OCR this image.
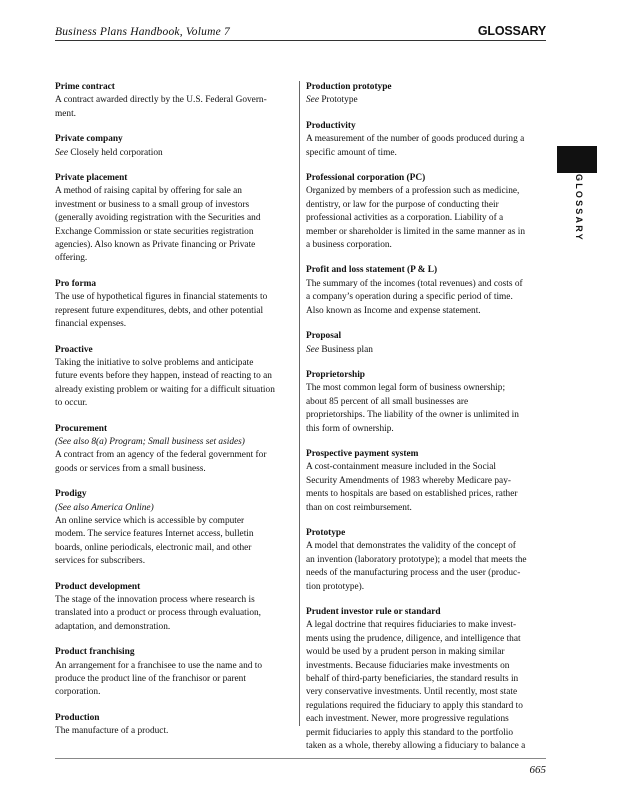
Business Plans Handbook, Volume 7	GLOSSARY
GLOSSARY
Prime contract
A contract awarded directly by the U.S. Federal Govern-
ment.
Private company
See Closely held corporation
Private placement
A method of raising capital by offering for sale an
investment or business to a small group of investors
(generally avoiding registration with the Securities and
Exchange Commission or state securities registration
agencies). Also known as Private financing or Private
offering.
Pro forma
The use of hypothetical figures in financial statements to
represent future expenditures, debts, and other potential
financial expenses.
Proactive
Taking the initiative to solve problems and anticipate
future events before they happen, instead of reacting to an
already existing problem or waiting for a difficult situation
to occur.
Procurement
(See also 8(a) Program; Small business set asides)
A contract from an agency of the federal government for
goods or services from a small business.
Prodigy
(See also America Online)
An online service which is accessible by computer
modem. The service features Internet access, bulletin
boards, online periodicals, electronic mail, and other
services for subscribers.
Product development
The stage of the innovation process where research is
translated into a product or process through evaluation,
adaptation, and demonstration.
Product franchising
An arrangement for a franchisee to use the name and to
produce the product line of the franchisor or parent
corporation.
Production
The manufacture of a product.
Production prototype
See Prototype
Productivity
A measurement of the number of goods produced during a
specific amount of time.
Professional corporation (PC)
Organized by members of a profession such as medicine,
dentistry, or law for the purpose of conducting their
professional activities as a corporation. Liability of a
member or shareholder is limited in the same manner as in
a business corporation.
Profit and loss statement (P & L)
The summary of the incomes (total revenues) and costs of
a company’s operation during a specific period of time.
Also known as Income and expense statement.
Proposal
See Business plan
Proprietorship
The most common legal form of business ownership;
about 85 percent of all small businesses are
proprietorships. The liability of the owner is unlimited in
this form of ownership.
Prospective payment system
A cost-containment measure included in the Social
Security Amendments of 1983 whereby Medicare pay-
ments to hospitals are based on established prices, rather
than on cost reimbursement.
Prototype
A model that demonstrates the validity of the concept of
an invention (laboratory prototype); a model that meets the
needs of the manufacturing process and the user (produc-
tion prototype).
Prudent investor rule or standard
A legal doctrine that requires fiduciaries to make invest-
ments using the prudence, diligence, and intelligence that
would be used by a prudent person in making similar
investments. Because fiduciaries make investments on
behalf of third-party beneficiaries, the standard results in
very conservative investments. Until recently, most state
regulations required the fiduciary to apply this standard to
each investment. Newer, more progressive regulations
permit fiduciaries to apply this standard to the portfolio
taken as a whole, thereby allowing a fiduciary to balance a
665
